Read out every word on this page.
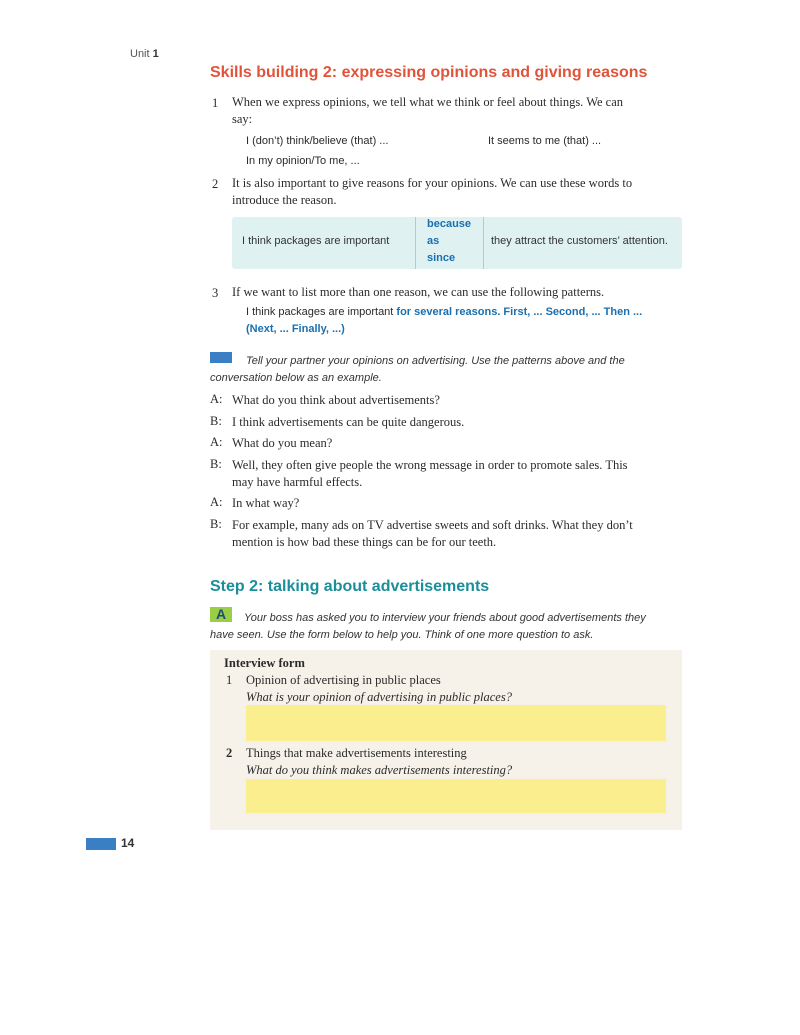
Unit 1
Skills building 2: expressing opinions and giving reasons
1 When we express opinions, we tell what we think or feel about things. We can
say:
I (don’t) think/believe (that) ...	It seems to me (that) ...
In my opinion/To me, ...
2 It is also important to give reasons for your opinions. We can use these words to
introduce the reason.
I think packages are important
because
as
since
they attract the customers’ attention.
3 If we want to list more than one reason, we can use the following patterns.
I think packages are important for several reasons. First, ... Second, ... Then ...
(Next, ... Finally, ...)
Tell your partner your opinions on advertising. Use the patterns above and the
conversation below as an example.
A: What do you think about advertisements?
B: I think advertisements can be quite dangerous.
A: What do you mean?
B: Well, they often give people the wrong message in order to promote sales. This
may have harmful effects.
A: In what way?
B: For example, many ads on TV advertise sweets and soft drinks. What they don’t
mention is how bad these things can be for our teeth.
Step 2: talking about advertisements
A	Your boss has asked you to interview your friends about good advertisements they
have seen. Use the form below to help you. Think of one more question to ask.
Interview form
1 Opinion of advertising in public places
What is your opinion of advertising in public places?
2 Things that make advertisements interesting
What do you think makes advertisements interesting?
14
